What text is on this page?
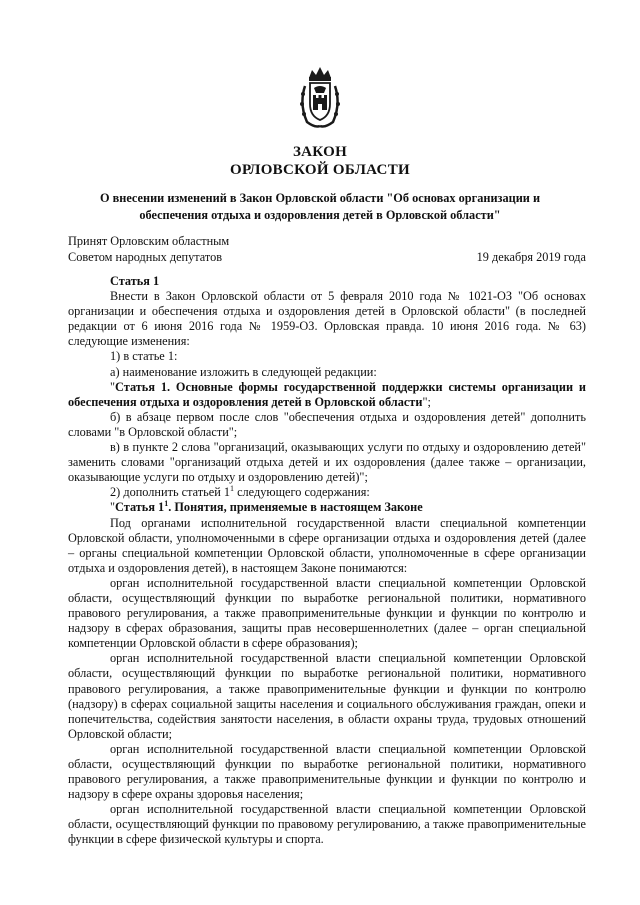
ЗАКОН
ОРЛОВСКОЙ ОБЛАСТИ
О внесении изменений в Закон Орловской области "Об основах организации и обеспечения отдыха и оздоровления детей в Орловской области"
Принят Орловским областным
Советом народных депутатов	19 декабря 2019 года

Статья 1

Внести в Закон Орловской области от 5 февраля 2010 года № 1021-ОЗ "Об основах организации и обеспечения отдыха и оздоровления детей в Орловской области" (в последней редакции от 6 июня 2016 года № 1959-ОЗ. Орловская правда. 10 июня 2016 года. № 63) следующие изменения:

1) в статье 1:

а) наименование изложить в следующей редакции:

"Статья 1. Основные формы государственной поддержки системы организации и обеспечения отдыха и оздоровления детей в Орловской области";

б) в абзаце первом после слов "обеспечения отдыха и оздоровления детей" дополнить словами "в Орловской области";

в) в пункте 2 слова "организаций, оказывающих услуги по отдыху и оздоровлению детей" заменить словами "организаций отдыха детей и их оздоровления (далее также – организации, оказывающие услуги по отдыху и оздоровлению детей)";

2) дополнить статьей $1^1$ следующего содержания:

"Статья $1^1$. Понятия, применяемые в настоящем Законе

Под органами исполнительной государственной власти специальной компетенции Орловской области, уполномоченными в сфере организации отдыха и оздоровления детей (далее – органы специальной компетенции Орловской области, уполномоченные в сфере организации отдыха и оздоровления детей), в настоящем Законе понимаются:

орган исполнительной государственной власти специальной компетенции Орловской области, осуществляющий функции по выработке региональной политики, нормативного правового регулирования, а также правоприменительные функции и функции по контролю и надзору в сферах образования, защиты прав несовершеннолетних (далее – орган специальной компетенции Орловской области в сфере образования);

орган исполнительной государственной власти специальной компетенции Орловской области, осуществляющий функции по выработке региональной политики, нормативного правового регулирования, а также правоприменительные функции и функции по контролю (надзору) в сферах социальной защиты населения и социального обслуживания граждан, опеки и попечительства, содействия занятости населения, в области охраны труда, трудовых отношений Орловской области;

орган исполнительной государственной власти специальной компетенции Орловской области, осуществляющий функции по выработке региональной политики, нормативного правового регулирования, а также правоприменительные функции и функции по контролю и надзору в сфере охраны здоровья населения;

орган исполнительной государственной власти специальной компетенции Орловской области, осуществляющий функции по правовому регулированию, а также правоприменительные функции в сфере физической культуры и спорта.
